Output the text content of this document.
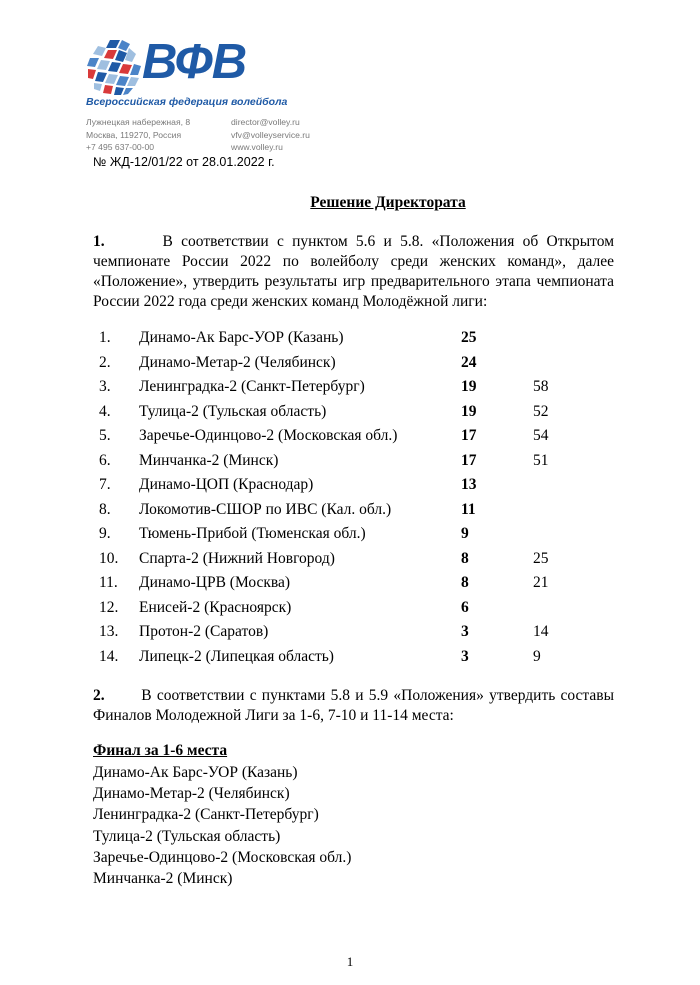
ВФВ
Всероссийская федерация волейбола
Лужнецкая набережная, 8
Москва, 119270, Россия
+7 495 637-00-00
director@volley.ru
vfv@volleyservice.ru
www.volley.ru
№ ЖД-12/01/22 от 28.01.2022 г.
Решение Директората
1.	В соответствии с пунктом 5.6 и 5.8. «Положения об Открытом чемпионате России 2022 по волейболу среди женских команд», далее «Положение», утвердить результаты игр предварительного этапа чемпионата России 2022 года среди женских команд Молодёжной лиги:
1.	Динамо-Ак Барс-УОР (Казань)	25
2.	Динамо-Метар-2 (Челябинск)	24
3.	Ленинградка-2 (Санкт-Петербург)	19	58
4.	Тулица-2 (Тульская область)	19	52
5.	Заречье-Одинцово-2 (Московская обл.)	17	54
6.	Минчанка-2 (Минск)	17	51
7.	Динамо-ЦОП (Краснодар)	13
8.	Локомотив-СШОР по ИВС (Кал. обл.)	11
9.	Тюмень-Прибой (Тюменская обл.)	9
10.	Спарта-2 (Нижний Новгород)	8	25
11.	Динамо-ЦРВ (Москва)	8	21
12.	Енисей-2 (Красноярск)	6
13.	Протон-2 (Саратов)	3	14
14.	Липецк-2 (Липецкая область)	3	9
2. В соответствии с пунктами 5.8 и 5.9 «Положения» утвердить составы Финалов Молодежной Лиги за 1-6, 7-10 и 11-14 места:
Финал за 1-6 места
Динамо-Ак Барс-УОР (Казань)
Динамо-Метар-2 (Челябинск)
Ленинградка-2 (Санкт-Петербург)
Тулица-2 (Тульская область)
Заречье-Одинцово-2 (Московская обл.)
Минчанка-2 (Минск)
1
